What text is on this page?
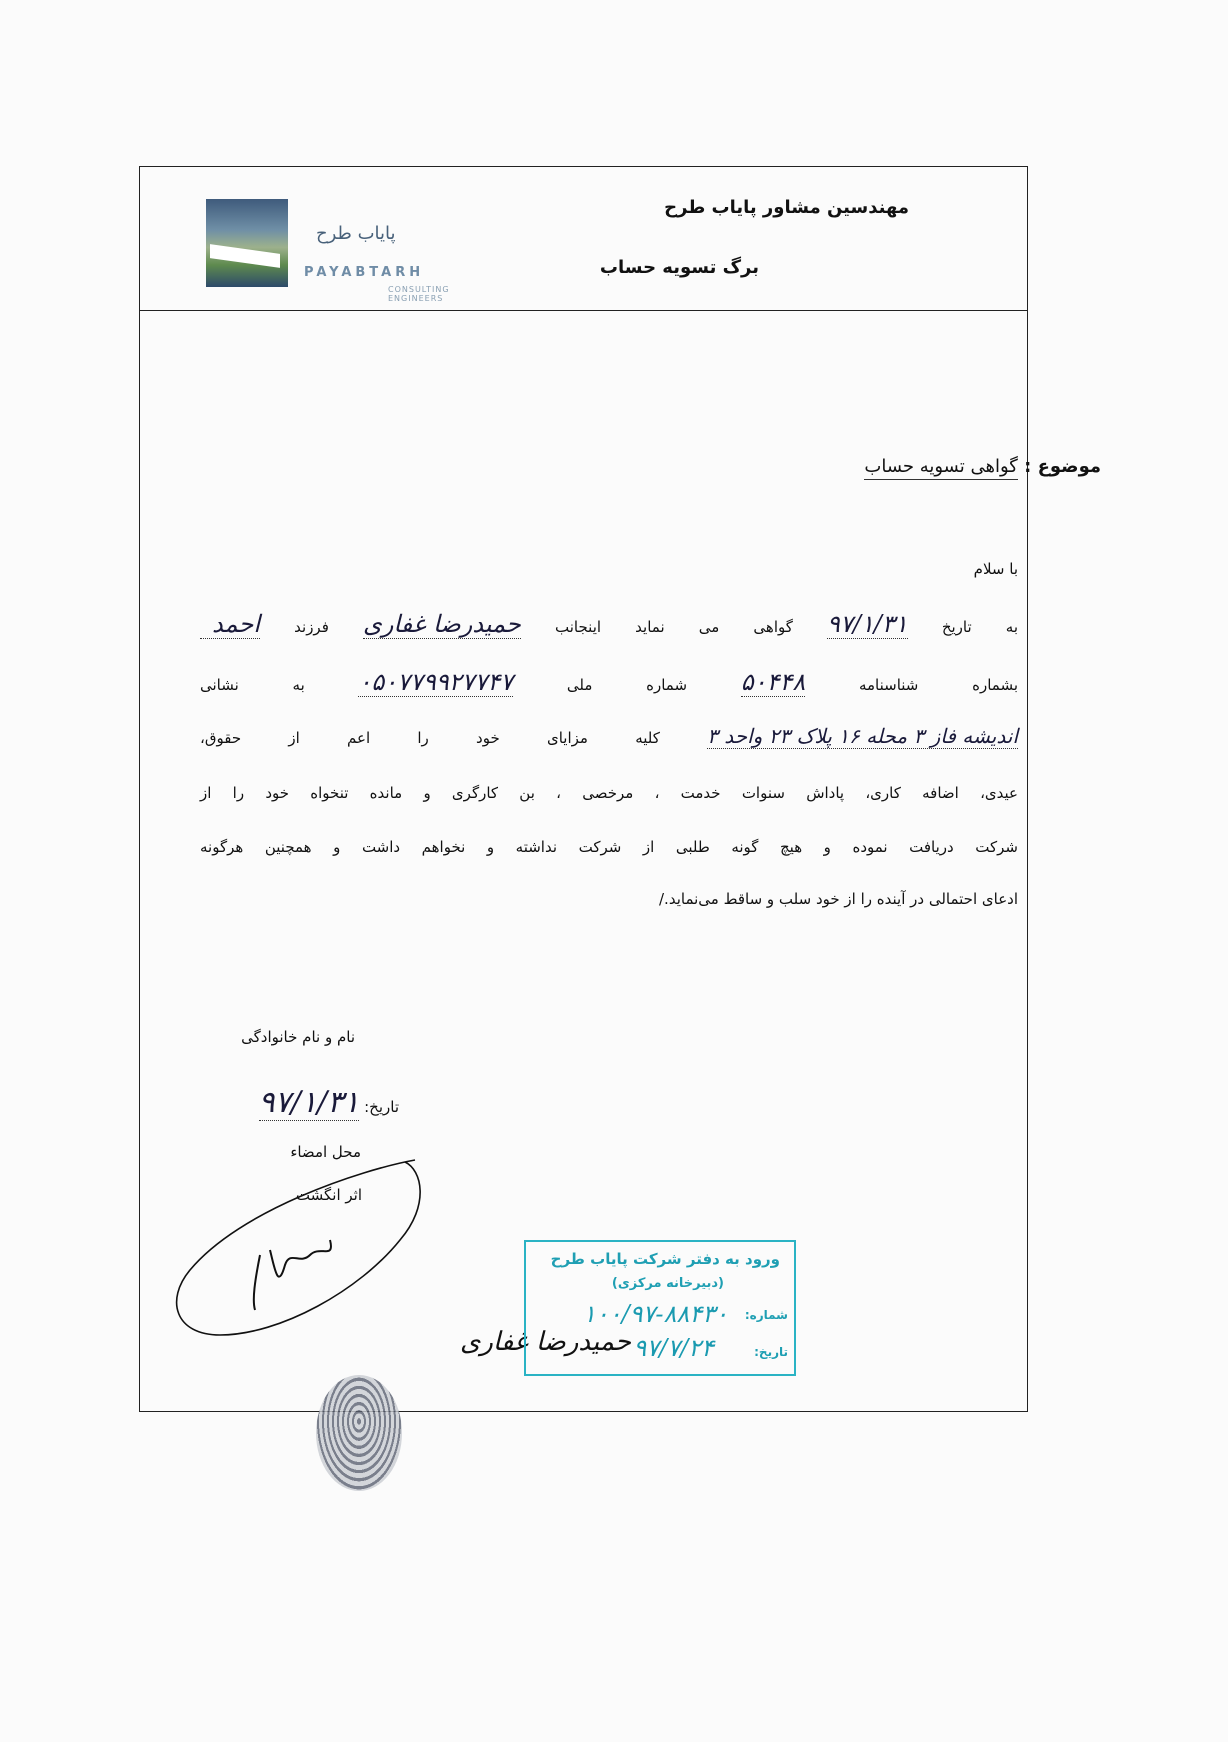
پایاب طرح
PAYABTARH
CONSULTING ENGINEERS
مهندسین مشاور پایاب طرح
برگ تسویه حساب
موضوع : گواهی تسویه حساب
با سلام
به تاریخ ۹۷/۱/۳۱ گواهی می نماید اینجانب حمیدرضا غفاری فرزند احمد
بشماره شناسنامه ۵۰۴۴۸ شماره ملی ۰۵۰۷۷۹۹۲۷۷۴۷ به نشانی
اندیشه فاز ۳ محله ۱۶ پلاک ۲۳ واحد ۳ کلیه مزایای خود را اعم از حقوق،
عیدی، اضافه کاری، پاداش سنوات خدمت ، مرخصی ، بن کارگری و مانده تنخواه خود را از
شرکت دریافت نموده و هیچ گونه طلبی از شرکت نداشته و نخواهم داشت و همچنین هرگونه
ادعای احتمالی در آینده را از خود سلب و ساقط می‌نماید./
نام و نام خانوادگی
تاریخ: ۹۷/۱/۳۱
محل امضاء
اثر انگشت
حمیدرضا غفاری
ورود به دفتر شرکت پایاب طرح
(دبیرخانه مرکزی)
شماره:
۱۰۰/۹۷-۸۸۴۳۰
تاریخ:
۹۷/۷/۲۴
